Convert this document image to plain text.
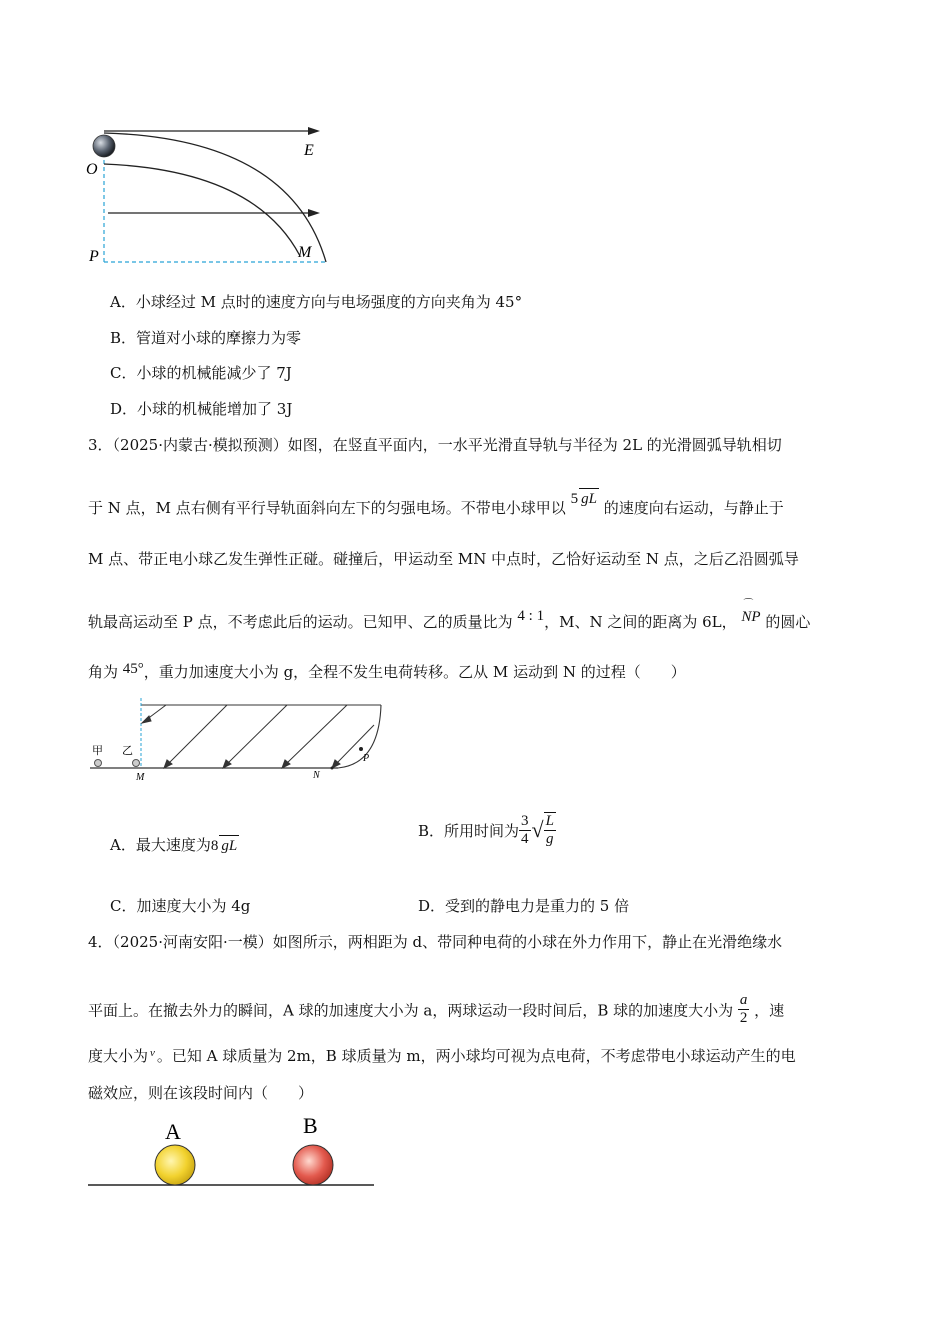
O
E
P	M
A．小球经过 M 点时的速度方向与电场强度的方向夹角为 45°
B．管道对小球的摩擦力为零
C．小球的机械能减少了 7J
D．小球的机械能增加了 3J
3．（2025·内蒙古·模拟预测）如图，在竖直平面内，一水平光滑直导轨与半径为 2L 的光滑圆弧导轨相切
于 N 点，M 点右侧有平行导轨面斜向左下的匀强电场。不带电小球甲以 5 gL 的速度向右运动，与静止于
M 点、带正电小球乙发生弹性正碰。碰撞后，甲运动至 MN 中点时，乙恰好运动至 N 点，之后乙沿圆弧导
轨最高运动至 P 点，不考虑此后的运动。已知甲、乙的质量比为 4 : 1，M、N 之间的距离为 6L，
⌒
NP 的圆心
角为 45°，重力加速度大小为 g，全程不发生电荷转移。乙从 M 运动到 N 的过程（　　）
甲 乙
M	N
P
A．最大速度为8 gL
B．所用时间为 $\frac{3}{4}$ √ $\frac{L}{g}$
C．加速度大小为 4g	D．受到的静电力是重力的 5 倍
4．（2025·河南安阳·一模）如图所示，两相距为 d、带同种电荷的小球在外力作用下，静止在光滑绝缘水
平面上。在撤去外力的瞬间，A 球的加速度大小为 a，两球运动一段时间后，B 球的加速度大小为 $\frac{a}{2}$ ，速
度大小为 $^v$ 。已知 A 球质量为 2m，B 球质量为 m，两小球均可视为点电荷，不考虑带电小球运动产生的电
磁效应，则在该段时间内（　　）
A	B
